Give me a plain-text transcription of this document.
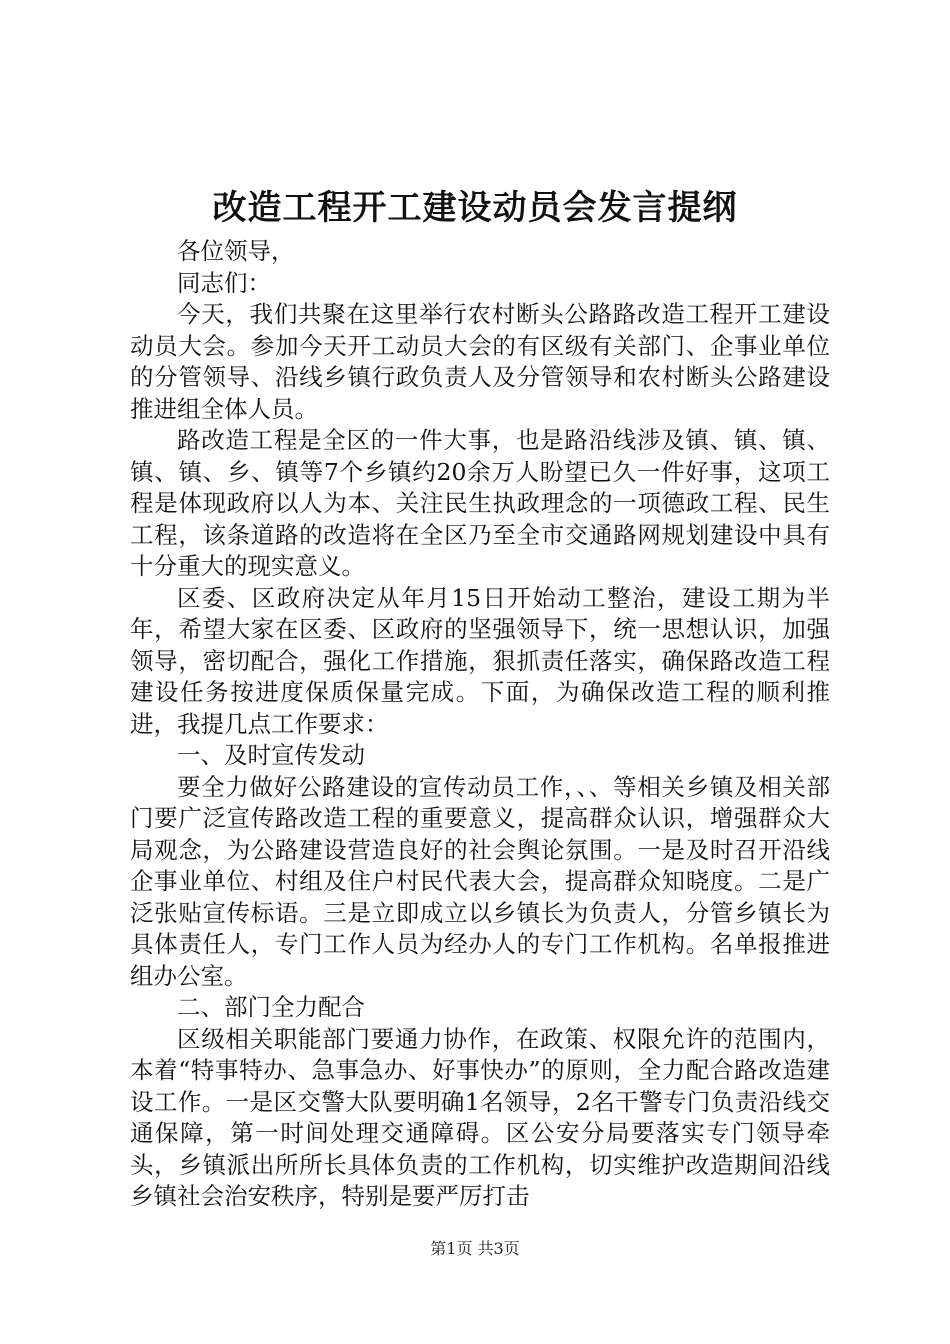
改造工程开工建设动员会发言提纲

各位领导，

同志们：

今天，我们共聚在这里举行农村断头公路路改造工程开工建设动员大会。参加今天开工动员大会的有区级有关部门、企事业单位的分管领导、沿线乡镇行政负责人及分管领导和农村断头公路建设推进组全体人员。

路改造工程是全区的一件大事，也是路沿线涉及镇、镇、镇、镇、镇、乡、镇等7个乡镇约20余万人盼望已久一件好事，这项工程是体现政府以人为本、关注民生执政理念的一项德政工程、民生工程，该条道路的改造将在全区乃至全市交通路网规划建设中具有十分重大的现实意义。

区委、区政府决定从年月15日开始动工整治，建设工期为半年，希望大家在区委、区政府的坚强领导下，统一思想认识，加强领导，密切配合，强化工作措施，狠抓责任落实，确保路改造工程建设任务按进度保质保量完成。下面，为确保改造工程的顺利推进，我提几点工作要求：

一、及时宣传发动

要全力做好公路建设的宣传动员工作，、、等相关乡镇及相关部门要广泛宣传路改造工程的重要意义，提高群众认识，增强群众大局观念，为公路建设营造良好的社会舆论氛围。一是及时召开沿线企事业单位、村组及住户村民代表大会，提高群众知晓度。二是广泛张贴宣传标语。三是立即成立以乡镇长为负责人，分管乡镇长为具体责任人，专门工作人员为经办人的专门工作机构。名单报推进组办公室。

二、部门全力配合

区级相关职能部门要通力协作，在政策、权限允许的范围内，本着“特事特办、急事急办、好事快办”的原则，全力配合路改造建设工作。一是区交警大队要明确1名领导，2名干警专门负责沿线交通保障，第一时间处理交通障碍。区公安分局要落实专门领导牵头，乡镇派出所所长具体负责的工作机构，切实维护改造期间沿线乡镇社会治安秩序，特别是要严厉打击

第1页 共3页
